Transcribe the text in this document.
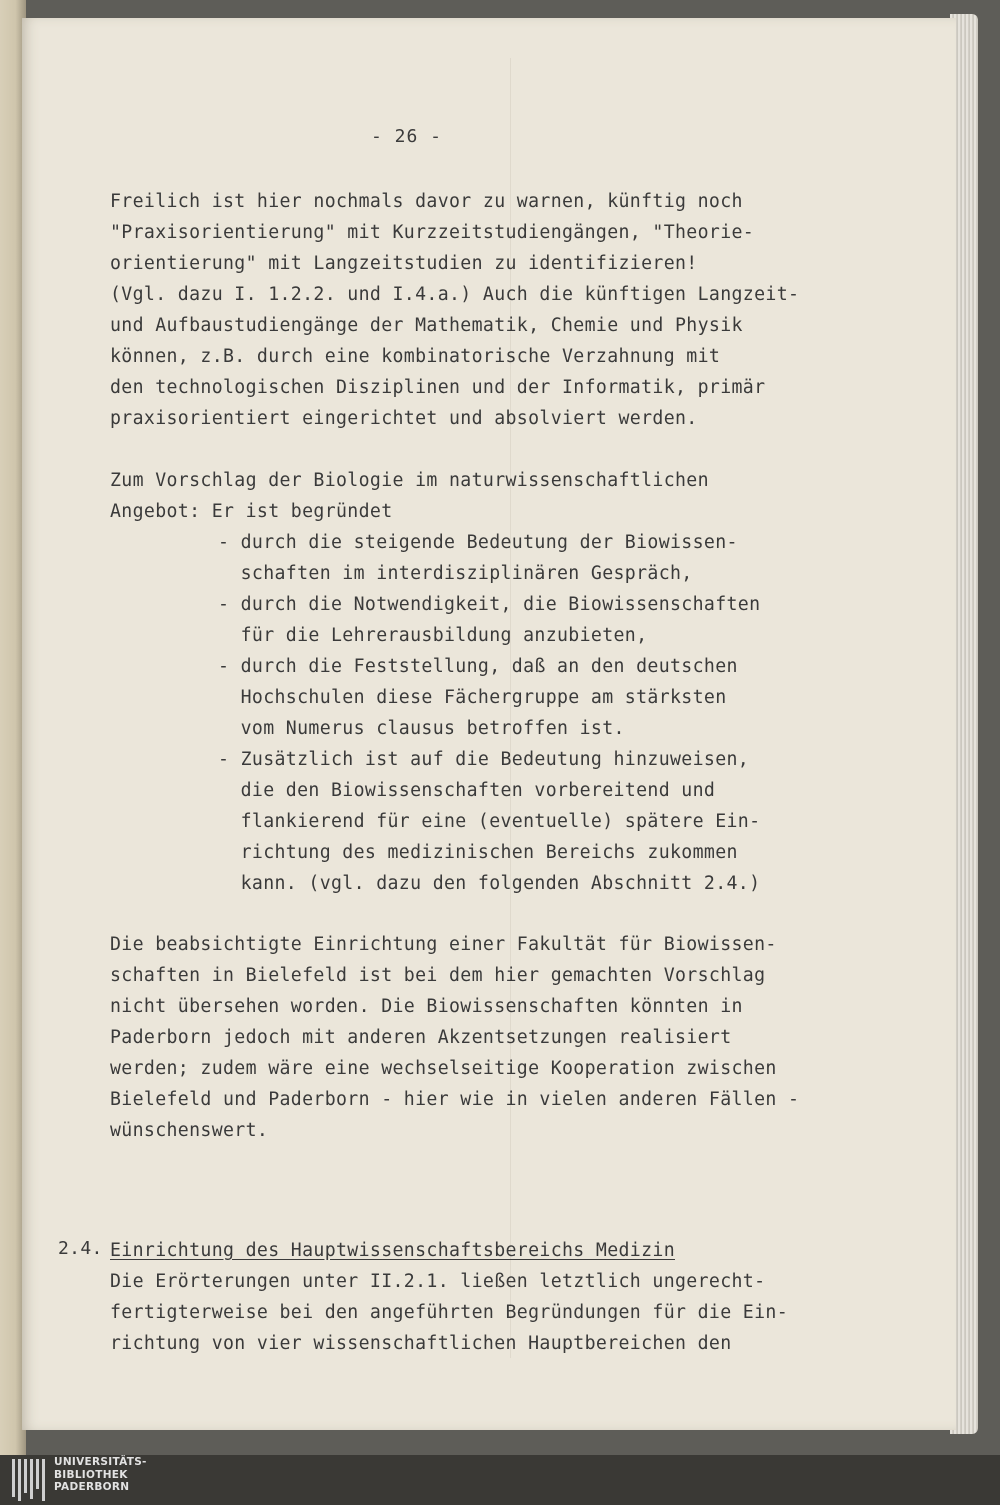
- 26 -
Freilich ist hier nochmals davor zu warnen, künftig noch
"Praxisorientierung" mit Kurzzeitstudiengängen, "Theorie-
orientierung" mit Langzeitstudien zu identifizieren!
(Vgl. dazu I. 1.2.2. und I.4.a.) Auch die künftigen Langzeit-
und Aufbaustudiengänge der Mathematik, Chemie und Physik
können, z.B. durch eine kombinatorische Verzahnung mit
den technologischen Disziplinen und der Informatik, primär
praxisorientiert eingerichtet und absolviert werden.
Zum Vorschlag der Biologie im naturwissenschaftlichen
Angebot: Er ist begründet
- durch die steigende Bedeutung der Biowissen-
schaften im interdisziplinären Gespräch,
- durch die Notwendigkeit, die Biowissenschaften
für die Lehrerausbildung anzubieten,
- durch die Feststellung, daß an den deutschen
Hochschulen diese Fächergruppe am stärksten
vom Numerus clausus betroffen ist.
- Zusätzlich ist auf die Bedeutung hinzuweisen,
die den Biowissenschaften vorbereitend und
flankierend für eine (eventuelle) spätere Ein-
richtung des medizinischen Bereichs zukommen
kann. (vgl. dazu den folgenden Abschnitt 2.4.)
Die beabsichtigte Einrichtung einer Fakultät für Biowissen-
schaften in Bielefeld ist bei dem hier gemachten Vorschlag
nicht übersehen worden. Die Biowissenschaften könnten in
Paderborn jedoch mit anderen Akzentsetzungen realisiert
werden; zudem wäre eine wechselseitige Kooperation zwischen
Bielefeld und Paderborn - hier wie in vielen anderen Fällen -
wünschenswert.
2.4. Einrichtung des Hauptwissenschaftsbereichs Medizin
Die Erörterungen unter II.2.1. ließen letztlich ungerecht-
fertigterweise bei den angeführten Begründungen für die Ein-
richtung von vier wissenschaftlichen Hauptbereichen den
UNIVERSITÄTS-
BIBLIOTHEK
PADERBORN
